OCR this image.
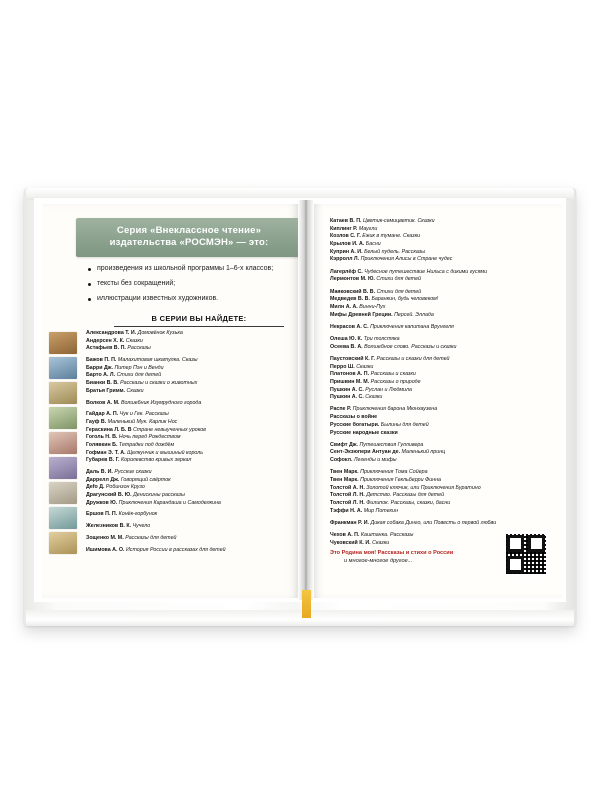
Серия «Внеклассное чтение»
издательства «РОСМЭН» — это:
произведения из школьной программы 1–6-х классов;
тексты без сокращений;
иллюстрации известных художников.
В СЕРИИ ВЫ НАЙДЕТЕ:
Александрова Т. И. Домовёнок Кузька
Андерсен Х. К. Сказки
Астафьев В. П. Рассказы
Бажов П. П. Малахитовая шкатулка. Сказы
Барри Дж. Питер Пэн и Венди
Барто А. Л. Стихи для детей
Бианки В. В. Рассказы и сказки о животных
Братья Гримм. Сказки
Волков А. М. Волшебник Изумрудного города
Гайдар А. П. Чук и Гек. Рассказы
Гауф В. Маленький Мук. Карлик Нос
Гераскина Л. Б. В Стране невыученных уроков
Гоголь Н. В. Ночь перед Рождеством
Голявкин Б. Тетрадки под дождём
Гофман Э. Т. А. Щелкунчик и мышиный король
Губарев В. Г. Королевство кривых зеркал
Даль В. И. Русские сказки
Даррелл Дж. Говорящий свёрток
Дefo Д. Робинзон Крузо
Драгунский В. Ю. Денискины рассказы
Дружков Ю. Приключения Карандаша и Самоделкина
Ершов П. П. Конёк-горбунок
Железников В. К. Чучело
Зощенко М. М. Рассказы для детей
Ишимова А. О. История России в рассказах для детей
Катаев В. П. Цветик-семицветик. Сказки
Киплинг Р. Маугли
Козлов С. Г. Ёжик в тумане. Сказки
Крылов И. А. Басни
Куприн А. И. Белый пудель. Рассказы
Кэрролл Л. Приключения Алисы в Стране чудес
Лагерлёф С. Чудесное путешествие Нильса с дикими гусями
Лермонтов М. Ю. Стихи для детей
Маяковский В. В. Стихи для детей
Медведев В. В. Баранкин, будь человеком!
Милн А. А. Винни-Пух
Мифы Древней Греции. Персей. Эллада
Некрасов А. С. Приключения капитана Врунгеля
Олеша Ю. К. Три толстяка
Осеева В. А. Волшебное слово. Рассказы и сказки
Паустовский К. Г. Рассказы и сказки для детей
Перро Ш. Сказки
Платонов А. П. Рассказы и сказки
Пришвин М. М. Рассказы о природе
Пушкин А. С. Руслан и Людмила
Пушкин А. С. Сказки
Распе Р. Приключения барона Мюнхаузена
Рассказы о войне
Русские богатыри. Былины для детей
Русские народные сказки
Свифт Дж. Путешествия Гулливера
Сент-Экзюпери Антуан де. Маленький принц
Софокл. Легенды и мифы
Твен Марк. Приключения Тома Сойера
Твен Марк. Приключения Гекльберри Финна
Толстой А. Н. Золотой ключик, или Приключения Буратино
Толстой Л. Н. Детство. Рассказы для детей
Толстой Л. Н. Филипок. Рассказы, сказки, басни
Тэффи Н. А. Мир Потехин
Франкман Р. И. Дикая собака Динго, или Повесть о первой любви
Чехов А. П. Каштанка. Рассказы
Чуковский К. И. Сказки
Это Родина моя! Рассказы и стихи о России
и многое-многое другое...
